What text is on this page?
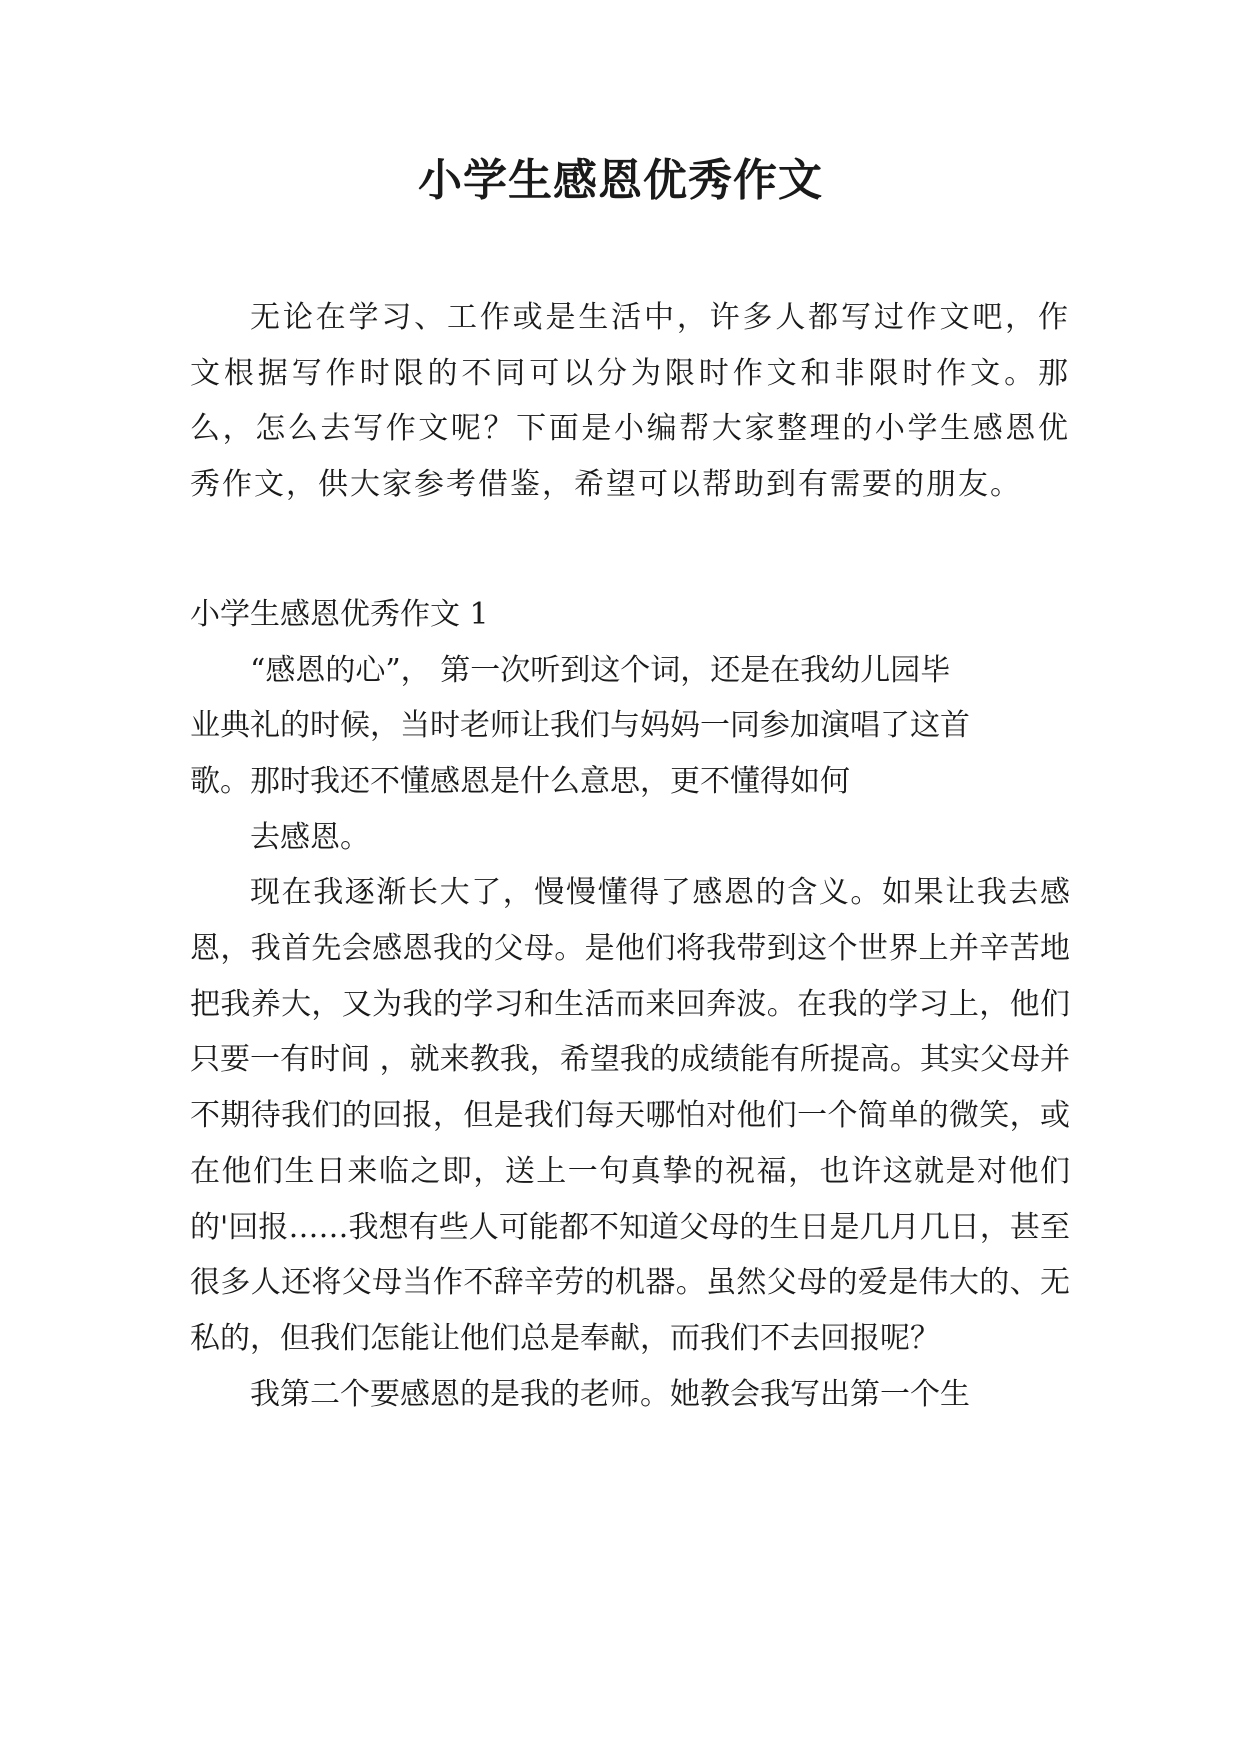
小学生感恩优秀作文

无论在学习、工作或是生活中，许多人都写过作文吧，作文根据写作时限的不同可以分为限时作文和非限时作文。那么，怎么去写作文呢？下面是小编帮大家整理的小学生感恩优秀作文，供大家参考借鉴，希望可以帮助到有需要的朋友。

小学生感恩优秀作文 1

“感恩的心”， 第一次听到这个词，还是在我幼儿园毕

业典礼的时候，当时老师让我们与妈妈一同参加演唱了这首

歌。那时我还不懂感恩是什么意思，更不懂得如何

去感恩。

现在我逐渐长大了，慢慢懂得了感恩的含义。如果让我去感恩，我首先会感恩我的父母。是他们将我带到这个世界上并辛苦地把我养大，又为我的学习和生活而来回奔波。在我的学习上，他们只要一有时间 ，就来教我，希望我的成绩能有所提高。其实父母并不期待我们的回报，但是我们每天哪怕对他们一个简单的微笑，或在他们生日来临之即，送上一句真挚的祝福，也许这就是对他们的'回报……我想有些人可能都不知道父母的生日是几月几日，甚至很多人还将父母当作不辞辛劳的机器。虽然父母的爱是伟大的、无私的，但我们怎能让他们总是奉献，而我们不去回报呢？

我第二个要感恩的是我的老师。她教会我写出第一个生
